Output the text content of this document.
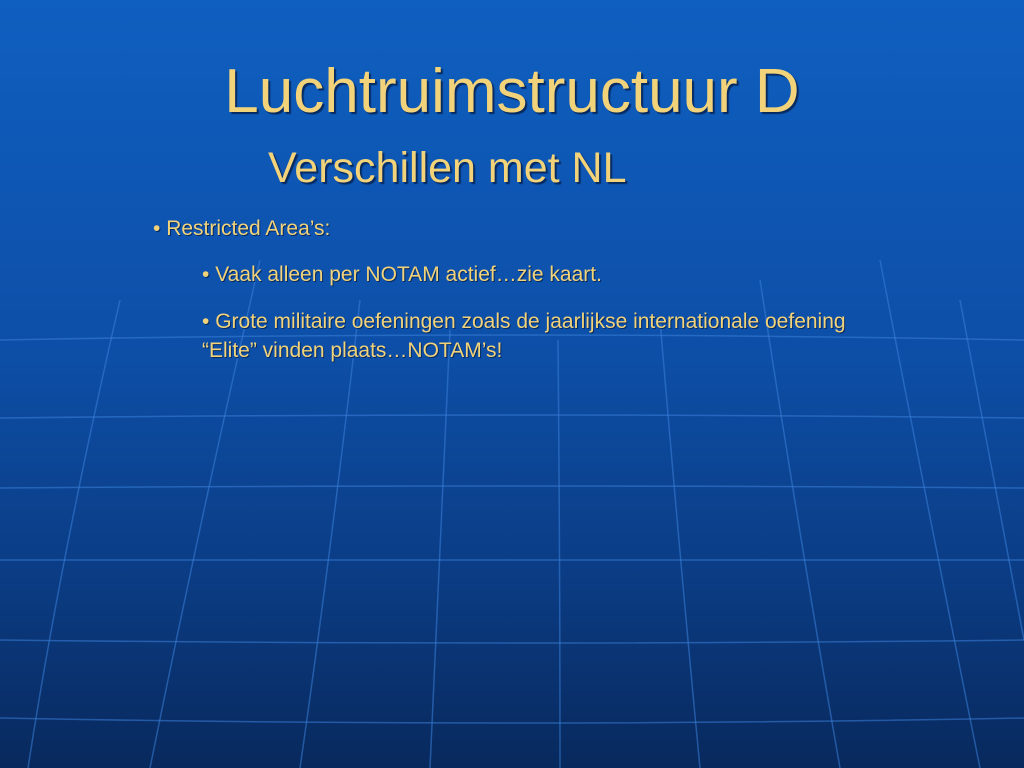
Luchtruimstructuur D
Verschillen met NL

• Restricted Area’s:

• Vaak alleen per NOTAM actief…zie kaart.

• Grote militaire oefeningen zoals de jaarlijkse internationale oefening “Elite” vinden plaats…NOTAM’s!
